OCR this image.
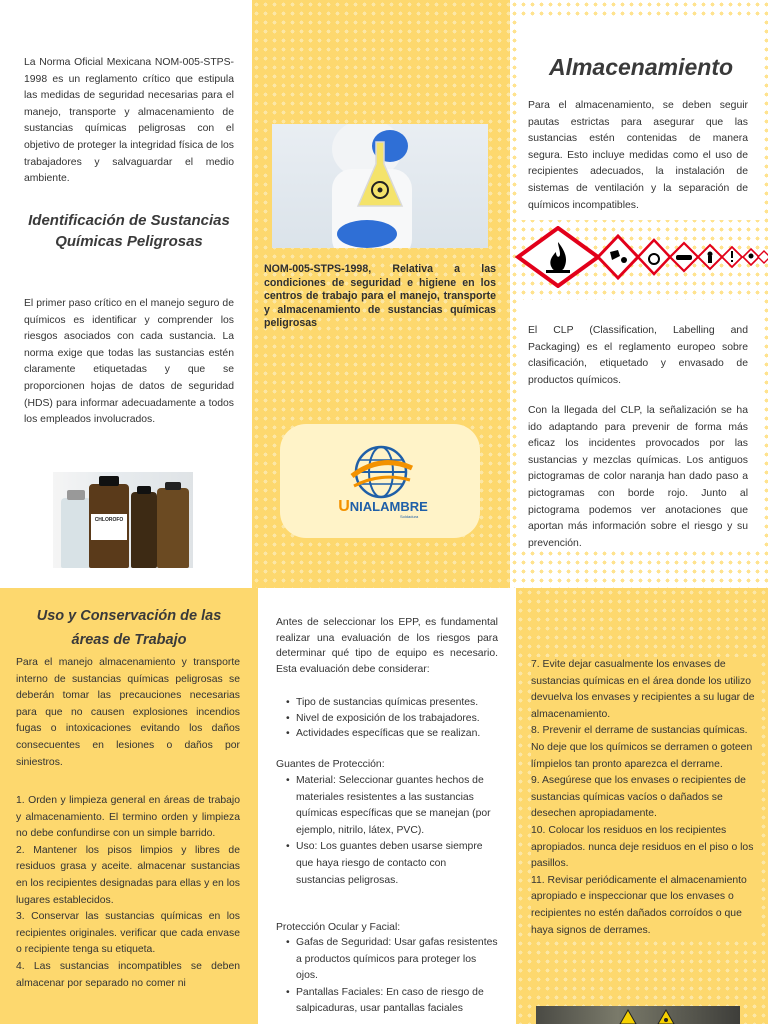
La Norma Oficial Mexicana NOM-005-STPS-1998 es un reglamento crítico que estipula las medidas de seguridad necesarias para el manejo, transporte y almacenamiento de sustancias químicas peligrosas con el objetivo de proteger la integridad física de los trabajadores y salvaguardar el medio ambiente.

Identificación de Sustancias Químicas Peligrosas

El primer paso crítico en el manejo seguro de químicos es identificar y comprender los riesgos asociados con cada sustancia. La norma exige que todas las sustancias estén claramente etiquetadas y que se proporcionen hojas de datos de seguridad (HDS) para informar adecuadamente a todos los empleados involucrados.

CHLOROFO

NOM-005-STPS-1998, Relativa a las condiciones de seguridad e higiene en los centros de trabajo para el manejo, transporte y almacenamiento de sustancias químicas peligrosas

UNIALAMBRE
Soldadura
Almacenamiento

Para el almacenamiento, se deben seguir pautas estrictas para asegurar que las sustancias estén contenidas de manera segura. Esto incluye medidas como el uso de recipientes adecuados, la instalación de sistemas de ventilación y la separación de químicos incompatibles.

El CLP (Classification, Labelling and Packaging) es el reglamento europeo sobre clasificación, etiquetado y envasado de productos químicos.

Con la llegada del CLP, la señalización se ha ido adaptando para prevenir de forma más eficaz los incidentes provocados por las sustancias y mezclas químicas. Los antiguos pictogramas de color naranja han dado paso a pictogramas con borde rojo. Junto al pictograma podemos ver anotaciones que aportan más información sobre el riesgo y su prevención.

Uso y Conservación de las áreas de Trabajo

Para el manejo almacenamiento y transporte interno de sustancias químicas peligrosas se deberán tomar las precauciones necesarias para que no causen explosiones incendios fugas o intoxicaciones evitando los daños consecuentes en lesiones o daños por siniestros.

1. Orden y limpieza general en áreas de trabajo y almacenamiento. El termino orden y limpieza no debe confundirse con un simple barrido.

2. Mantener los pisos limpios y libres de residuos grasa y aceite. almacenar sustancias en los recipientes designadas para ellas y en los lugares establecidos.

3. Conservar las sustancias químicas en los recipientes originales. verificar que cada envase o recipiente tenga su etiqueta.

4. Las sustancias incompatibles se deben almacenar por separado no comer ni

Antes de seleccionar los EPP, es fundamental realizar una evaluación de los riesgos para determinar qué tipo de equipo es necesario. Esta evaluación debe considerar:

• Tipo de sustancias químicas presentes.
• Nivel de exposición de los trabajadores.
• Actividades específicas que se realizan.

Guantes de Protección:

• Material: Seleccionar guantes hechos de materiales resistentes a las sustancias químicas específicas que se manejan (por ejemplo, nitrilo, látex, PVC).
• Uso: Los guantes deben usarse siempre que haya riesgo de contacto con sustancias peligrosas.

Protección Ocular y Facial:

• Gafas de Seguridad: Usar gafas resistentes a productos químicos para proteger los ojos.
• Pantallas Faciales: En caso de riesgo de salpicaduras, usar pantallas faciales

7. Evite dejar casualmente los envases de sustancias químicas en el área donde los utilizo devuelva los envases y recipientes a su lugar de almacenamiento.

8. Prevenir el derrame de sustancias químicas. No deje que los químicos se derramen o goteen límpielos tan pronto aparezca el derrame.

9. Asegúrese que los envases o recipientes de sustancias químicas vacíos o dañados se desechen apropiadamente.

10. Colocar los residuos en los recipientes apropiados. nunca deje residuos en el piso o los pasillos.

11. Revisar periódicamente el almacenamiento apropiado e inspeccionar que los envases o recipientes no estén dañados corroídos o que haya signos de derrames.
